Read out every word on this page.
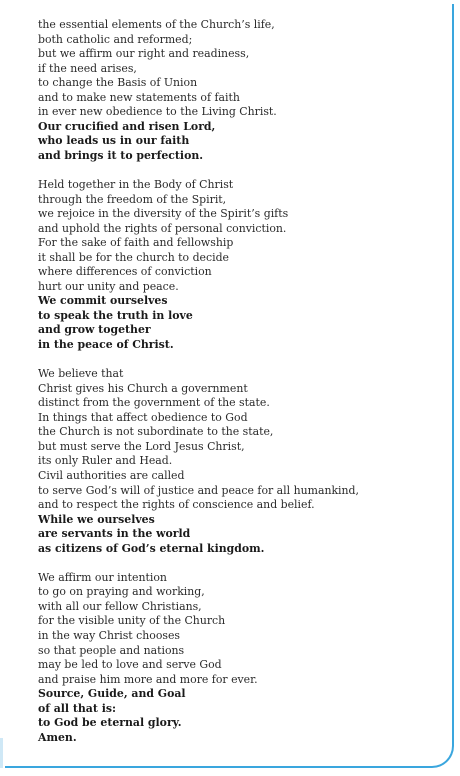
the essential elements of the Church’s life,
both catholic and reformed;
but we affirm our right and readiness,
if the need arises,
to change the Basis of Union
and to make new statements of faith
in ever new obedience to the Living Christ.
Our crucified and risen Lord,
who leads us in our faith
and brings it to perfection.
Held together in the Body of Christ
through the freedom of the Spirit,
we rejoice in the diversity of the Spirit’s gifts
and uphold the rights of personal conviction.
For the sake of faith and fellowship
it shall be for the church to decide
where differences of conviction
hurt our unity and peace.
We commit ourselves
to speak the truth in love
and grow together
in the peace of Christ.
We believe that
Christ gives his Church a government
distinct from the government of the state.
In things that affect obedience to God
the Church is not subordinate to the state,
but must serve the Lord Jesus Christ,
its only Ruler and Head.
Civil authorities are called
to serve God’s will of justice and peace for all humankind,
and to respect the rights of conscience and belief.
While we ourselves
are servants in the world
as citizens of God’s eternal kingdom.
We affirm our intention
to go on praying and working,
with all our fellow Christians,
for the visible unity of the Church
in the way Christ chooses
so that people and nations
may be led to love and serve God
and praise him more and more for ever.
Source, Guide, and Goal
of all that is:
to God be eternal glory.
Amen.
